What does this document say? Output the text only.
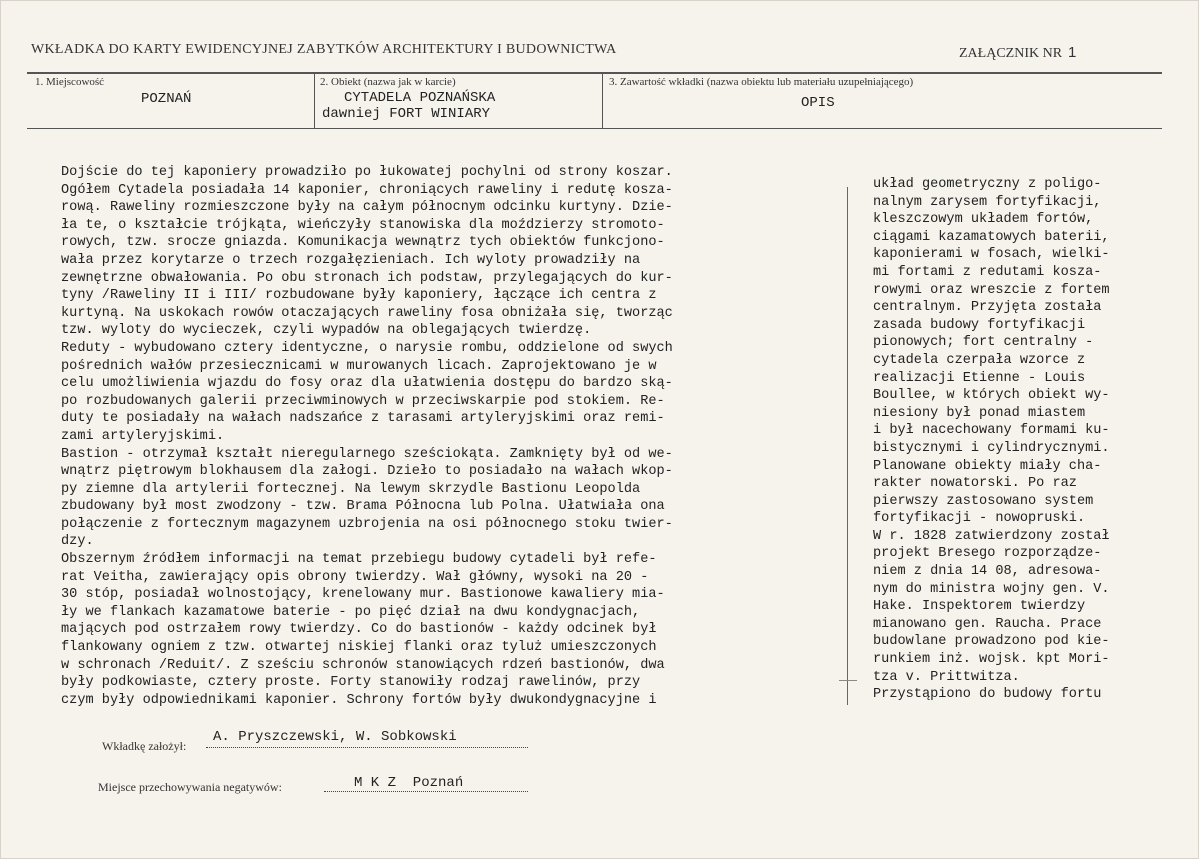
WKŁADKA DO KARTY EWIDENCYJNEJ ZABYTKÓW ARCHITEKTURY I BUDOWNICTWA	ZAŁĄCZNIK NR 1
1. Miejscowość
POZNAŃ
2. Obiekt (nazwa jak w karcie)
CYTADELA POZNAŃSKA
dawniej FORT WINIARY
3. Zawartość wkładki (nazwa obiektu lub materiału uzupełniającego)
OPIS
Dojście do tej kaponiery prowadziło po łukowatej pochylni od strony koszar.
Ogółem Cytadela posiadała 14 kaponier, chroniących raweliny i redutę kosza-
rową. Raweliny rozmieszczone były na całym północnym odcinku kurtyny. Dzie-
ła te, o kształcie trójkąta, wieńczyły stanowiska dla moździerzy stromoto-
rowych, tzw. srocze gniazda. Komunikacja wewnątrz tych obiektów funkcjono-
wała przez korytarze o trzech rozgałęzieniach. Ich wyloty prowadziły na
zewnętrzne obwałowania. Po obu stronach ich podstaw, przylegających do kur-
tyny /Raweliny II i III/ rozbudowane były kaponiery, łączące ich centra z
kurtyną. Na uskokach rowów otaczających raweliny fosa obniżała się, tworząc
tzw. wyloty do wycieczek, czyli wypadów na oblegających twierdzę.
Reduty - wybudowano cztery identyczne, o narysie rombu, oddzielone od swych
pośrednich wałów przesiecznicami w murowanych licach. Zaprojektowano je w
celu umożliwienia wjazdu do fosy oraz dla ułatwienia dostępu do bardzo ską-
po rozbudowanych galerii przeciwminowych w przeciwskarpie pod stokiem. Re-
duty te posiadały na wałach nadszańce z tarasami artyleryjskimi oraz remi-
zami artyleryjskimi.
Bastion - otrzymał kształt nieregularnego sześciokąta. Zamknięty był od we-
wnątrz piętrowym blokhausem dla załogi. Dzieło to posiadało na wałach wkop-
py ziemne dla artylerii fortecznej. Na lewym skrzydle Bastionu Leopolda
zbudowany był most zwodzony - tzw. Brama Północna lub Polna. Ułatwiała ona
połączenie z fortecznym magazynem uzbrojenia na osi północnego stoku twier-
dzy.
Obszernym źródłem informacji na temat przebiegu budowy cytadeli był refe-
rat Veitha, zawierający opis obrony twierdzy. Wał główny, wysoki na 20 -
30 stóp, posiadał wolnostojący, krenelowany mur. Bastionowe kawaliery mia-
ły we flankach kazamatowe baterie - po pięć dział na dwu kondygnacjach,
mających pod ostrzałem rowy twierdzy. Co do bastionów - każdy odcinek był
flankowany ogniem z tzw. otwartej niskiej flanki oraz tyluż umieszczonych
w schronach /Reduit/. Z sześciu schronów stanowiących rdzeń bastionów, dwa
były podkowiaste, cztery proste. Forty stanowiły rodzaj rawelinów, przy
czym były odpowiednikami kaponier. Schrony fortów były dwukondygnacyjne i
układ geometryczny z poligo-
nalnym zarysem fortyfikacji,
kleszczowym układem fortów,
ciągami kazamatowych baterii,
kaponierami w fosach, wielki-
mi fortami z redutami kosza-
rowymi oraz wreszcie z fortem
centralnym. Przyjęta została
zasada budowy fortyfikacji
pionowych; fort centralny -
cytadela czerpała wzorce z
realizacji Etienne - Louis
Boullee, w których obiekt wy-
niesiony był ponad miastem
i był nacechowany formami ku-
bistycznymi i cylindrycznymi.
Planowane obiekty miały cha-
rakter nowatorski. Po raz
pierwszy zastosowano system
fortyfikacji - nowopruski.
W r. 1828 zatwierdzony został
projekt Bresego rozporządze-
niem z dnia 14 08, adresowa-
nym do ministra wojny gen. V.
Hake. Inspektorem twierdzy
mianowano gen. Raucha. Prace
budowlane prowadzono pod kie-
runkiem inż. wojsk. kpt Mori-
tza v. Prittwitza.
Przystąpiono do budowy fortu
Wkładkę założył:
A. Pryszczewski, W. Sobkowski
Miejsce przechowywania negatywów:	M K Z  Poznań
